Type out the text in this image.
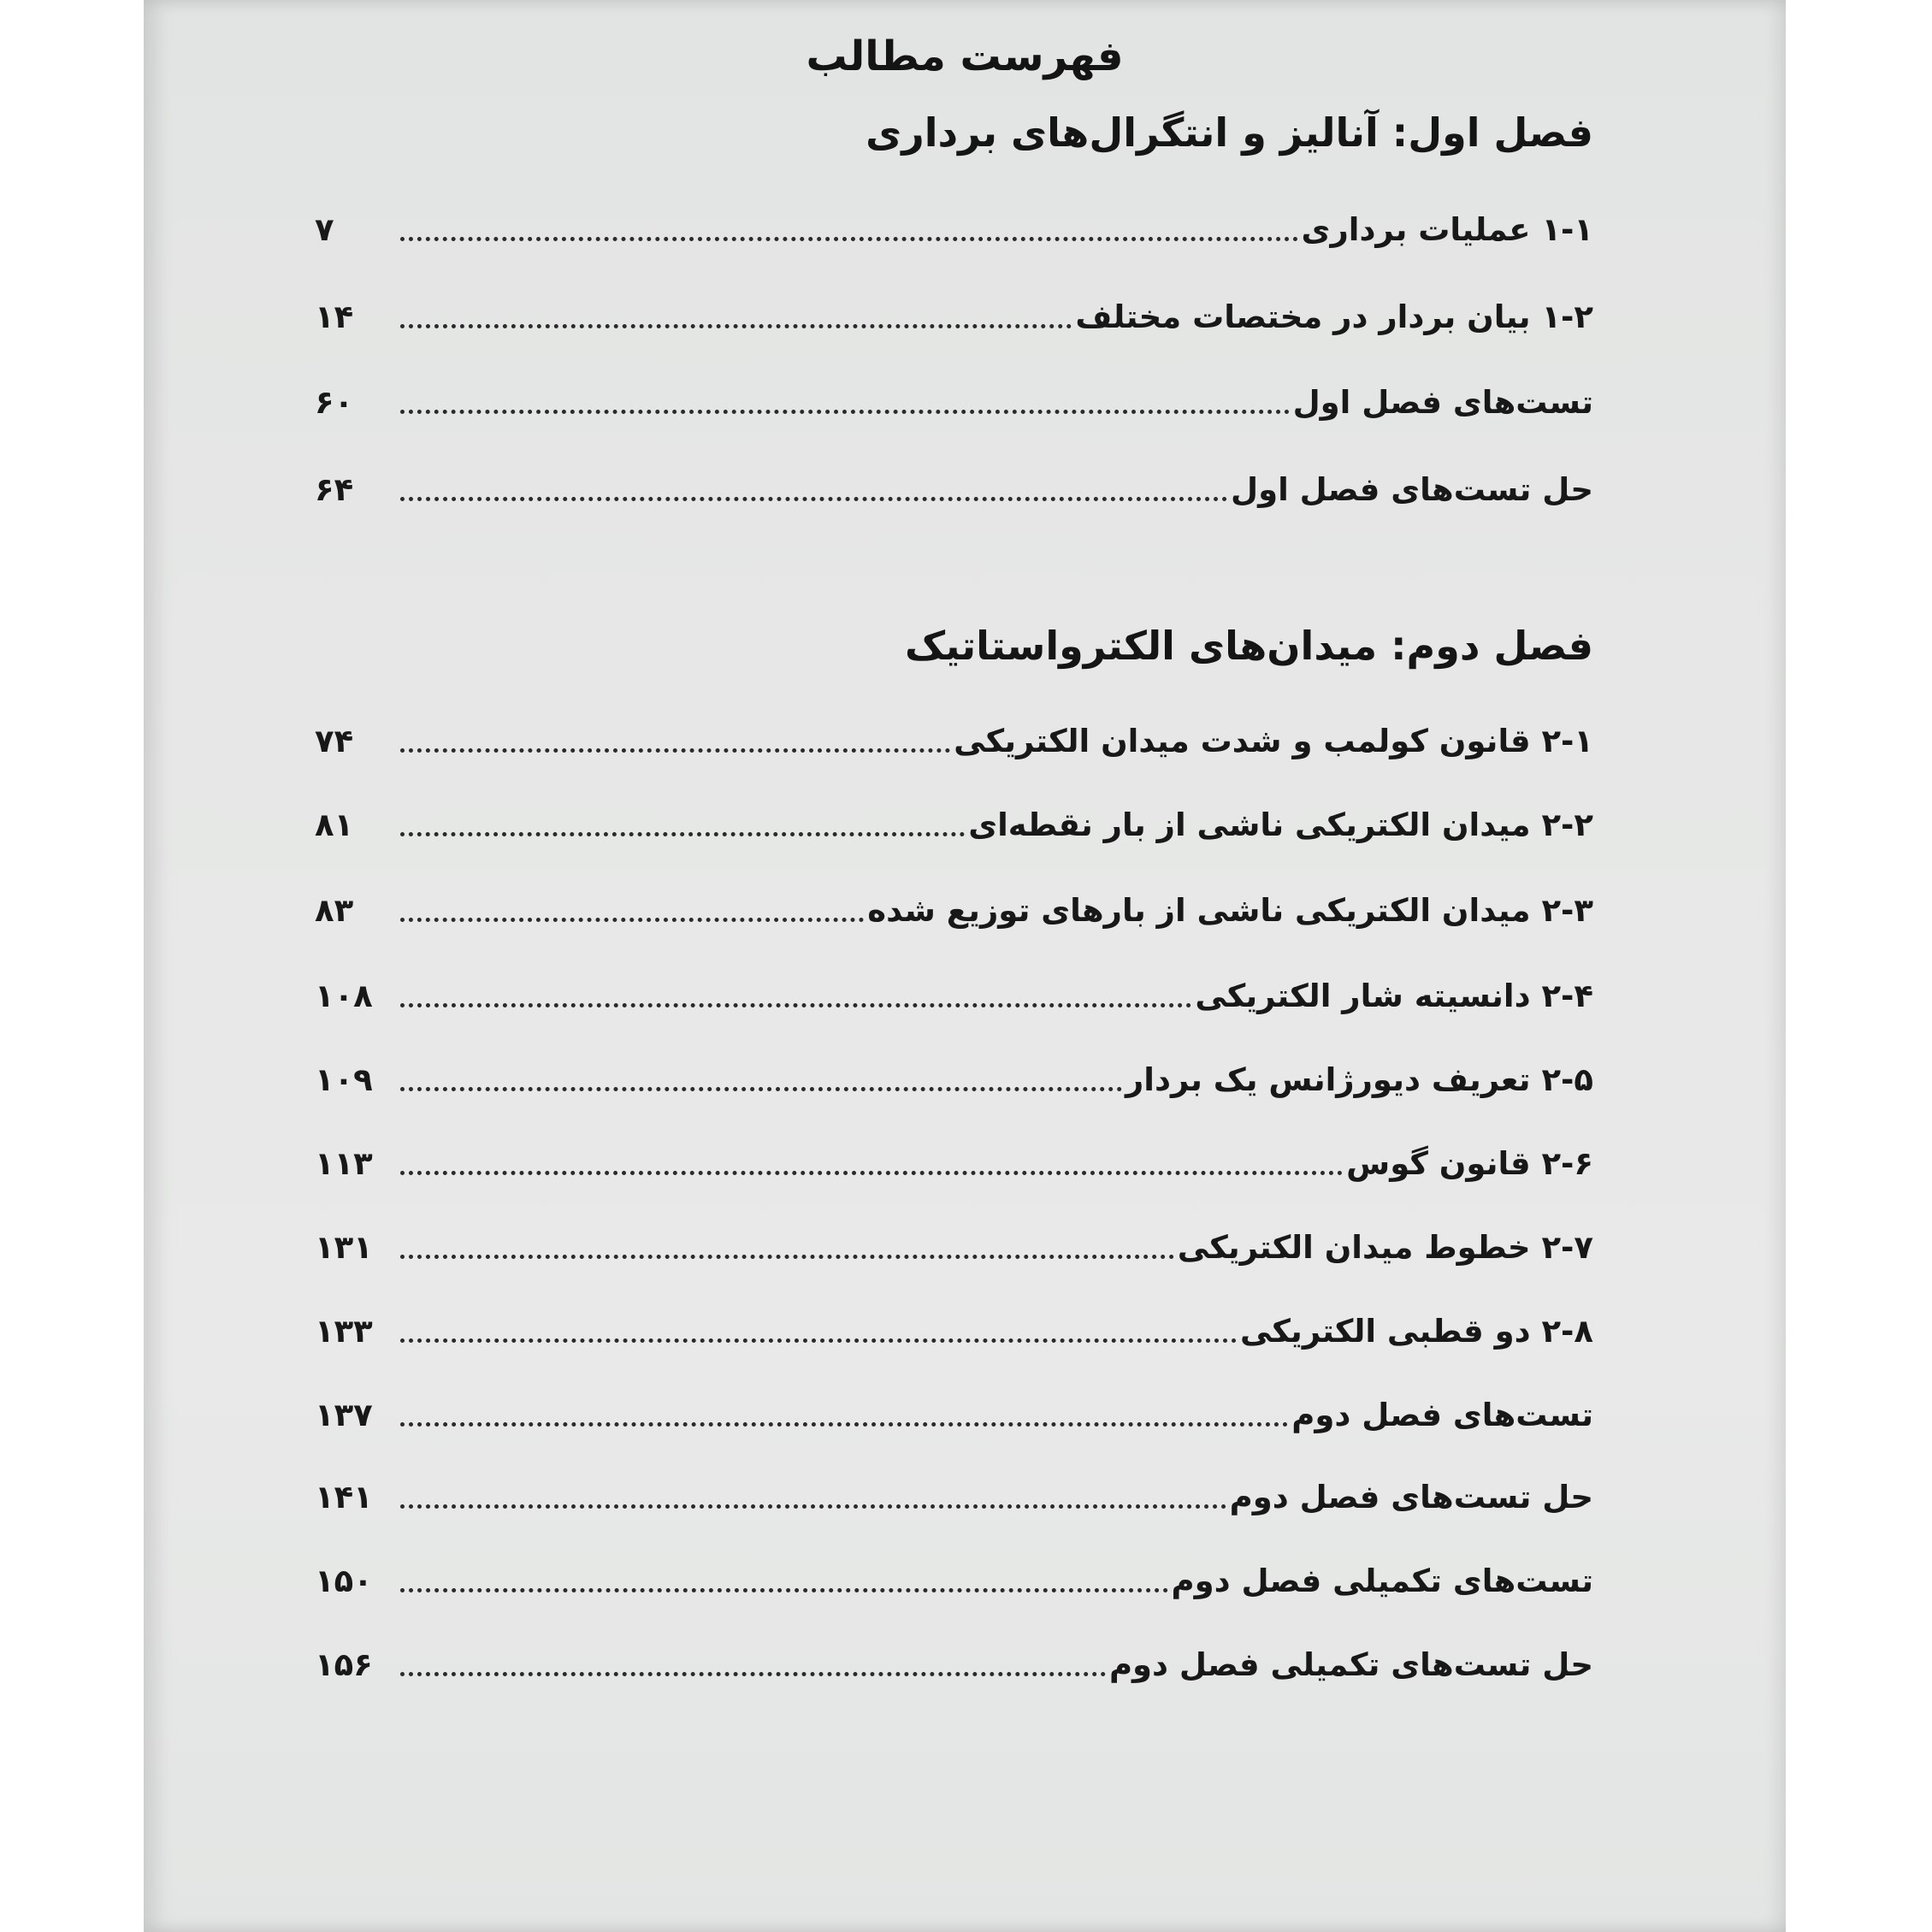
فهرست مطالب
فصل اول: آنالیز و انتگرال‌های برداری
۱-۱ عملیات برداری
۷
۱-۲ بیان بردار در مختصات مختلف
۱۴
تست‌های فصل اول
۶۰
حل تست‌های فصل اول
۶۴
فصل دوم: میدان‌های الکترواستاتیک
۲-۱ قانون کولمب و شدت میدان الکتریکی
۷۴
۲-۲ میدان الکتریکی ناشی از بار نقطه‌ای
۸۱
۲-۳ میدان الکتریکی ناشی از بارهای توزیع شده
۸۳
۲-۴ دانسیته شار الکتریکی
۱۰۸
۲-۵ تعریف دیورژانس یک بردار
۱۰۹
۲-۶ قانون گوس
۱۱۳
۲-۷ خطوط میدان الکتریکی
۱۳۱
۲-۸ دو قطبی الکتریکی
۱۳۳
تست‌های فصل دوم
۱۳۷
حل تست‌های فصل دوم
۱۴۱
تست‌های تکمیلی فصل دوم
۱۵۰
حل تست‌های تکمیلی فصل دوم
۱۵۶
